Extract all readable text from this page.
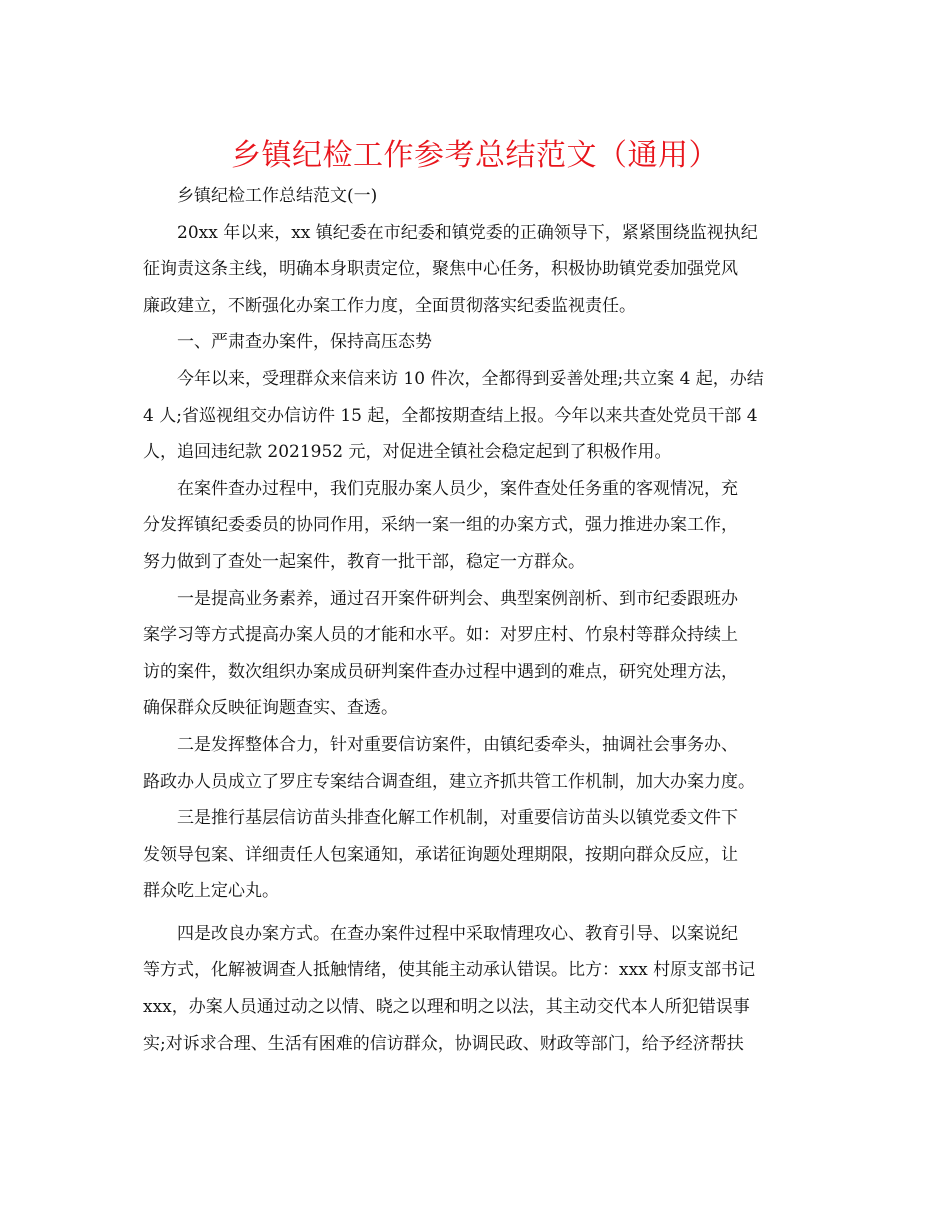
乡镇纪检工作参考总结范文（通用）

乡镇纪检工作总结范文(一)

20xx 年以来，xx 镇纪委在市纪委和镇党委的正确领导下，紧紧围绕监视执纪
征询责这条主线，明确本身职责定位，聚焦中心任务，积极协助镇党委加强党风
廉政建立，不断强化办案工作力度，全面贯彻落实纪委监视责任。

一、严肃查办案件，保持高压态势

今年以来，受理群众来信来访 10 件次，全都得到妥善处理;共立案 4 起，办结
4 人;省巡视组交办信访件 15 起，全都按期查结上报。今年以来共查处党员干部 4
人，追回违纪款 2021952 元，对促进全镇社会稳定起到了积极作用。

在案件查办过程中，我们克服办案人员少，案件查处任务重的客观情况，充
分发挥镇纪委委员的协同作用，采纳一案一组的办案方式，强力推进办案工作，
努力做到了查处一起案件，教育一批干部，稳定一方群众。

一是提高业务素养，通过召开案件研判会、典型案例剖析、到市纪委跟班办
案学习等方式提高办案人员的才能和水平。如：对罗庄村、竹泉村等群众持续上
访的案件，数次组织办案成员研判案件查办过程中遇到的难点，研究处理方法，
确保群众反映征询题查实、查透。

二是发挥整体合力，针对重要信访案件，由镇纪委牵头，抽调社会事务办、
路政办人员成立了罗庄专案结合调查组，建立齐抓共管工作机制，加大办案力度。

三是推行基层信访苗头排查化解工作机制，对重要信访苗头以镇党委文件下
发领导包案、详细责任人包案通知，承诺征询题处理期限，按期向群众反应，让
群众吃上定心丸。

四是改良办案方式。在查办案件过程中采取情理攻心、教育引导、以案说纪
等方式，化解被调查人抵触情绪，使其能主动承认错误。比方：xxx 村原支部书记
xxx，办案人员通过动之以情、晓之以理和明之以法，其主动交代本人所犯错误事
实;对诉求合理、生活有困难的信访群众，协调民政、财政等部门，给予经济帮扶
